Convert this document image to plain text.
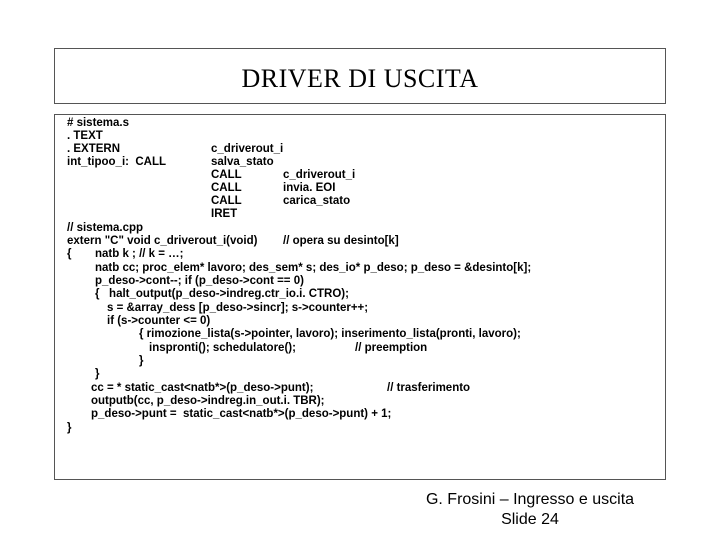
DRIVER DI USCITA
# sistema.s
. TEXT
. EXTERN	c_driverout_i
int_tipoo_i:  CALL	salva_stato
CALL	c_driverout_i
CALL	invia. EOI
CALL	carica_stato
IRET
// sistema.cpp
extern "C" void c_driverout_i(void) // opera su desinto[k]
{ natb k ; // k = …;
natb cc; proc_elem* lavoro; des_sem* s; des_io* p_deso; p_deso = &desinto[k];
p_deso->cont--; if (p_deso->cont == 0)
{   halt_output(p_deso->indreg.ctr_io.i. CTRO);
s = &array_dess [p_deso->sincr]; s->counter++;
if (s->counter <= 0)
{ rimozione_lista(s->pointer, lavoro); inserimento_lista(pronti, lavoro);
inspronti(); schedulatore();	// preemption
}
}
cc = * static_cast<natb*>(p_deso->punt);	// trasferimento
outputb(cc, p_deso->indreg.in_out.i. TBR);
p_deso->punt =  static_cast<natb*>(p_deso->punt) + 1;
}
G. Frosini – Ingresso e uscita
Slide 24
